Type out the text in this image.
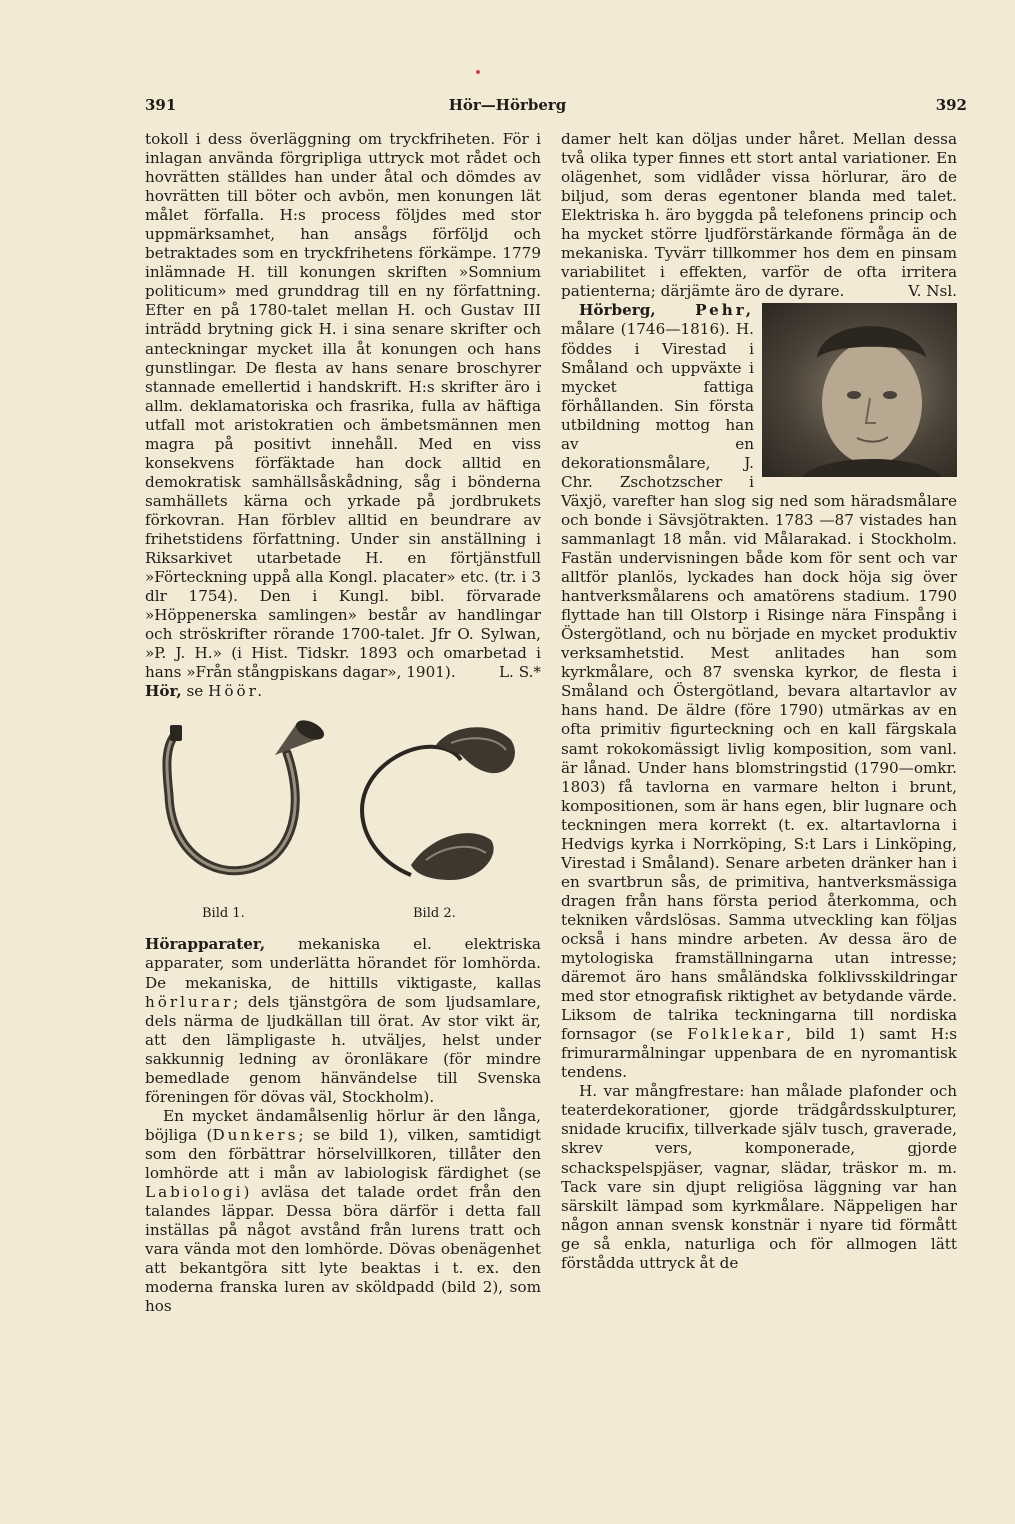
391	Hör—Hörberg	392

tokoll i dess överläggning om tryckfriheten. För i inlagan använda förgripliga uttryck mot rådet och hovrätten ställdes han under åtal och dömdes av hovrätten till böter och avbön, men konungen lät målet förfalla. H:s process följdes med stor uppmärksamhet, han ansågs förföljd och betraktades som en tryckfrihetens förkämpe. 1779 inlämnade H. till konungen skriften »Somnium politicum» med grunddrag till en ny författning. Efter en på 1780-talet mellan H. och Gustav III inträdd brytning gick H. i sina senare skrifter och anteckningar mycket illa åt konungen och hans gunstlingar. De flesta av hans senare broschyrer stannade emellertid i handskrift. H:s skrifter äro i allm. deklamatoriska och frasrika, fulla av häftiga utfall mot aristokratien och ämbetsmännen men magra på positivt innehåll. Med en viss konsekvens förfäktade han dock alltid en demokratisk samhällsåskådning, såg i bönderna samhällets kärna och yrkade på jordbrukets förkovran. Han förblev alltid en beundrare av frihetstidens författning. Under sin anställning i Riksarkivet utarbetade H. en förtjänstfull »Förteckning uppå alla Kongl. placater» etc. (tr. i 3 dlr 1754). Den i Kungl. bibl. förvarade »Höppenerska samlingen» består av handlingar och ströskrifter rörande 1700-talet. Jfr O. Sylwan, »P. J. H.» (i Hist. Tidskr. 1893 och omarbetad i hans »Från stångpiskans dagar», 1901).	L. S.*

Hör, se Höör.

Bild 1.	Bild 2.

Hörapparater, mekaniska el. elektriska apparater, som underlätta hörandet för lomhörda. De mekaniska, de hittills viktigaste, kallas hörlurar; dels tjänstgöra de som ljudsamlare, dels närma de ljudkällan till örat. Av stor vikt är, att den lämpligaste h. utväljes, helst under sakkunnig ledning av öronläkare (för mindre bemedlade genom hänvändelse till Svenska föreningen för dövas väl, Stockholm).

En mycket ändamålsenlig hörlur är den långa, böjliga (Dunkers; se bild 1), vilken, samtidigt som den förbättrar hörselvillkoren, tillåter den lomhörde att i mån av labiologisk färdighet (se Labiologi) avläsa det talade ordet från den talandes läppar. Dessa böra därför i detta fall inställas på något avstånd från lurens tratt och vara vända mot den lomhörde. Dövas obenägenhet att bekantgöra sitt lyte beaktas i t. ex. den moderna franska luren av sköldpadd (bild 2), som hos

damer helt kan döljas under håret. Mellan dessa två olika typer finnes ett stort antal variationer. En olägenhet, som vidlåder vissa hörlurar, äro de biljud, som deras egentoner blanda med talet. Elektriska h. äro byggda på telefonens princip och ha mycket större ljudförstärkande förmåga än de mekaniska. Tyvärr tillkommer hos dem en pinsam variabilitet i effekten, varför de ofta irritera patienterna; därjämte äro de dyrare.	V. Nsl.

Hörberg, Pehr,
målare (1746—1816). H. föddes i Virestad i Småland och uppväxte i mycket fattiga förhållanden. Sin första utbildning mottog han av en dekorationsmålare, J. Chr. Zschotzscher i Växjö, varefter han slog sig ned som häradsmålare och bonde i Sävsjötrakten. 1783 —87 vistades han sammanlagt 18 mån. vid Målarakad. i Stockholm. Fastän undervisningen både kom för sent och var alltför planlös, lyckades han dock höja sig över hantverksmålarens och amatörens stadium. 1790 flyttade han till Olstorp i Risinge nära Finspång i Östergötland, och nu började en mycket produktiv verksamhetstid. Mest anlitades han som kyrkmålare, och 87 svenska kyrkor, de flesta i Småland och Östergötland, bevara altartavlor av hans hand. De äldre (före 1790) utmärkas av en ofta primitiv figurteckning och en kall färgskala samt rokokomässigt livlig komposition, som vanl. är lånad. Under hans blomstringstid (1790—omkr. 1803) få tavlorna en varmare helton i brunt, kompositionen, som är hans egen, blir lugnare och teckningen mera korrekt (t. ex. altartavlorna i Hedvigs kyrka i Norrköping, S:t Lars i Linköping, Virestad i Småland). Senare arbeten dränker han i en svartbrun sås, de primitiva, hantverksmässiga dragen från hans första period återkomma, och tekniken vårdslösas. Samma utveckling kan följas också i hans mindre arbeten. Av dessa äro de mytologiska framställningarna utan intresse; däremot äro hans småländska folklivsskildringar med stor etnografisk riktighet av betydande värde. Liksom de talrika teckningarna till nordiska fornsagor (se Folklekar, bild 1) samt H:s frimurarmålningar uppenbara de en nyromantisk tendens.

H. var mångfrestare: han målade plafonder och teaterdekorationer, gjorde trädgårdsskulpturer, snidade krucifix, tillverkade själv tusch, graverade, skrev vers, komponerade, gjorde schackspelspjäser, vagnar, slädar, träskor m. m. Tack vare sin djupt religiösa läggning var han särskilt lämpad som kyrkmålare. Näppeligen har någon annan svensk konstnär i nyare tid förmått ge så enkla, naturliga och för allmogen lätt förstådda uttryck åt de
